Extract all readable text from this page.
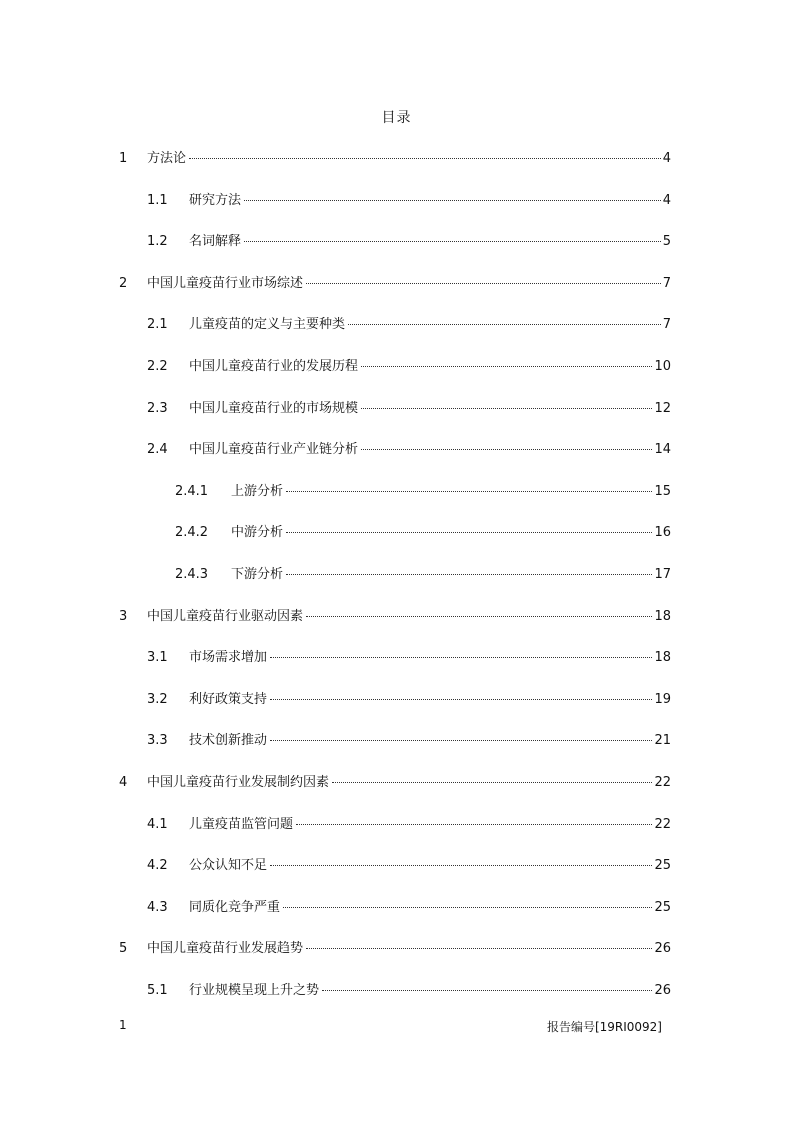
目录
1 方法论	4
1.1 研究方法	4
1.2 名词解释	5
2 中国儿童疫苗行业市场综述	7
2.1 儿童疫苗的定义与主要种类	7
2.2 中国儿童疫苗行业的发展历程	10
2.3 中国儿童疫苗行业的市场规模	12
2.4 中国儿童疫苗行业产业链分析	14
2.4.1 上游分析	15
2.4.2 中游分析	16
2.4.3 下游分析	17
3 中国儿童疫苗行业驱动因素	18
3.1 市场需求增加	18
3.2 利好政策支持	19
3.3 技术创新推动	21
4 中国儿童疫苗行业发展制约因素	22
4.1 儿童疫苗监管问题	22
4.2 公众认知不足	25
4.3 同质化竞争严重	25
5 中国儿童疫苗行业发展趋势	26
5.1 行业规模呈现上升之势	26
1	报告编号[19RI0092]
